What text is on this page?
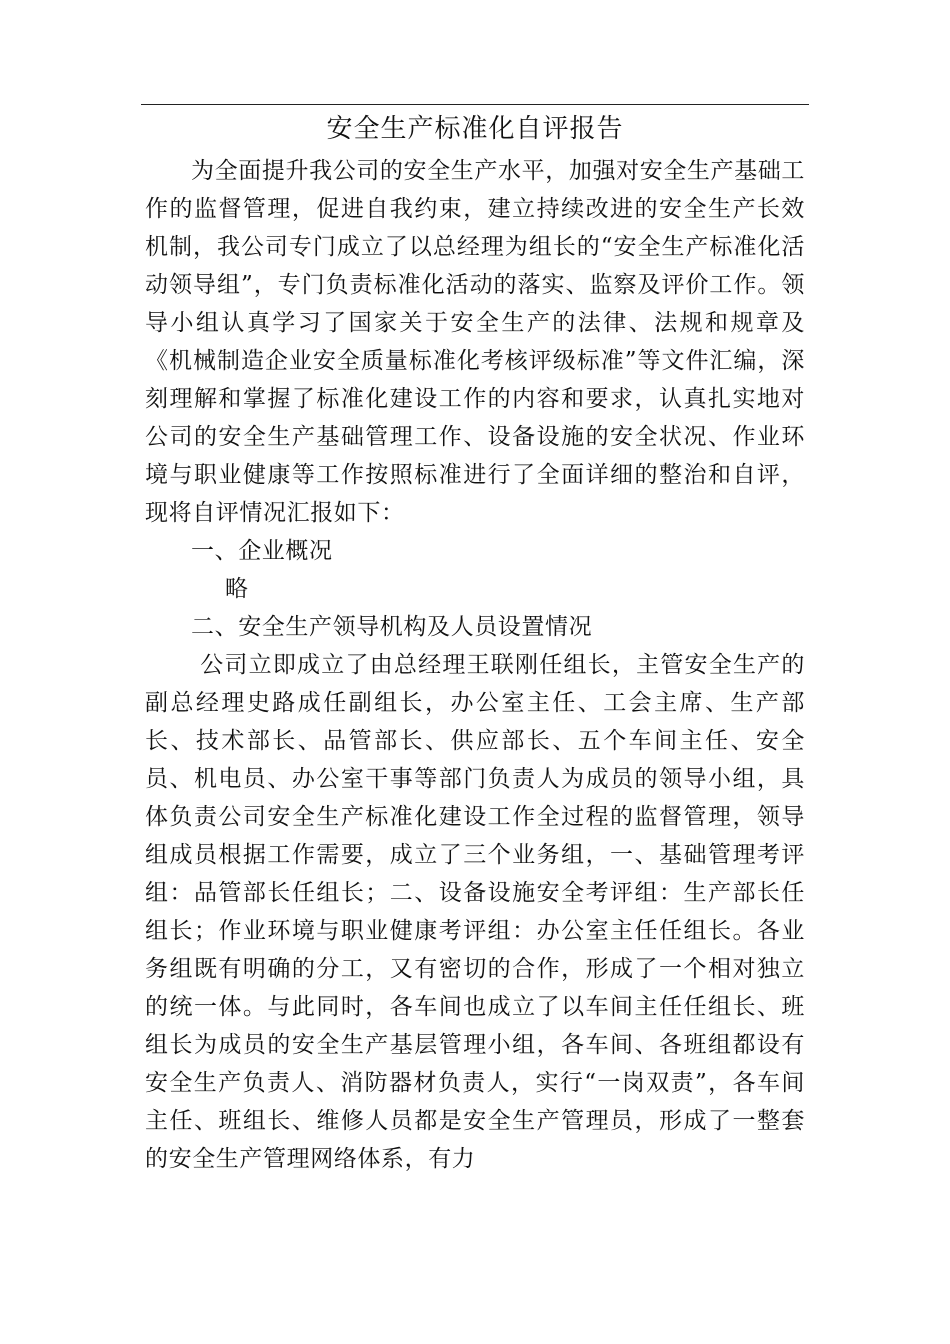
安全生产标准化自评报告

为全面提升我公司的安全生产水平，加强对安全生产基础工作的监督管理，促进自我约束，建立持续改进的安全生产长效机制，我公司专门成立了以总经理为组长的“安全生产标准化活动领导组”，专门负责标准化活动的落实、监察及评价工作。领导小组认真学习了国家关于安全生产的法律、法规和规章及《机械制造企业安全质量标准化考核评级标准”等文件汇编，深刻理解和掌握了标准化建设工作的内容和要求，认真扎实地对公司的安全生产基础管理工作、设备设施的安全状况、作业环境与职业健康等工作按照标准进行了全面详细的整治和自评，现将自评情况汇报如下：

一、企业概况

略

二、安全生产领导机构及人员设置情况

公司立即成立了由总经理王联刚任组长，主管安全生产的副总经理史路成任副组长，办公室主任、工会主席、生产部长、技术部长、品管部长、供应部长、五个车间主任、安全员、机电员、办公室干事等部门负责人为成员的领导小组，具体负责公司安全生产标准化建设工作全过程的监督管理，领导组成员根据工作需要，成立了三个业务组，一、基础管理考评组：品管部长任组长；二、设备设施安全考评组：生产部长任组长；作业环境与职业健康考评组：办公室主任任组长。各业务组既有明确的分工，又有密切的合作，形成了一个相对独立的统一体。与此同时，各车间也成立了以车间主任任组长、班组长为成员的安全生产基层管理小组，各车间、各班组都设有安全生产负责人、消防器材负责人，实行“一岗双责”，各车间主任、班组长、维修人员都是安全生产管理员，形成了一整套的安全生产管理网络体系，有力
